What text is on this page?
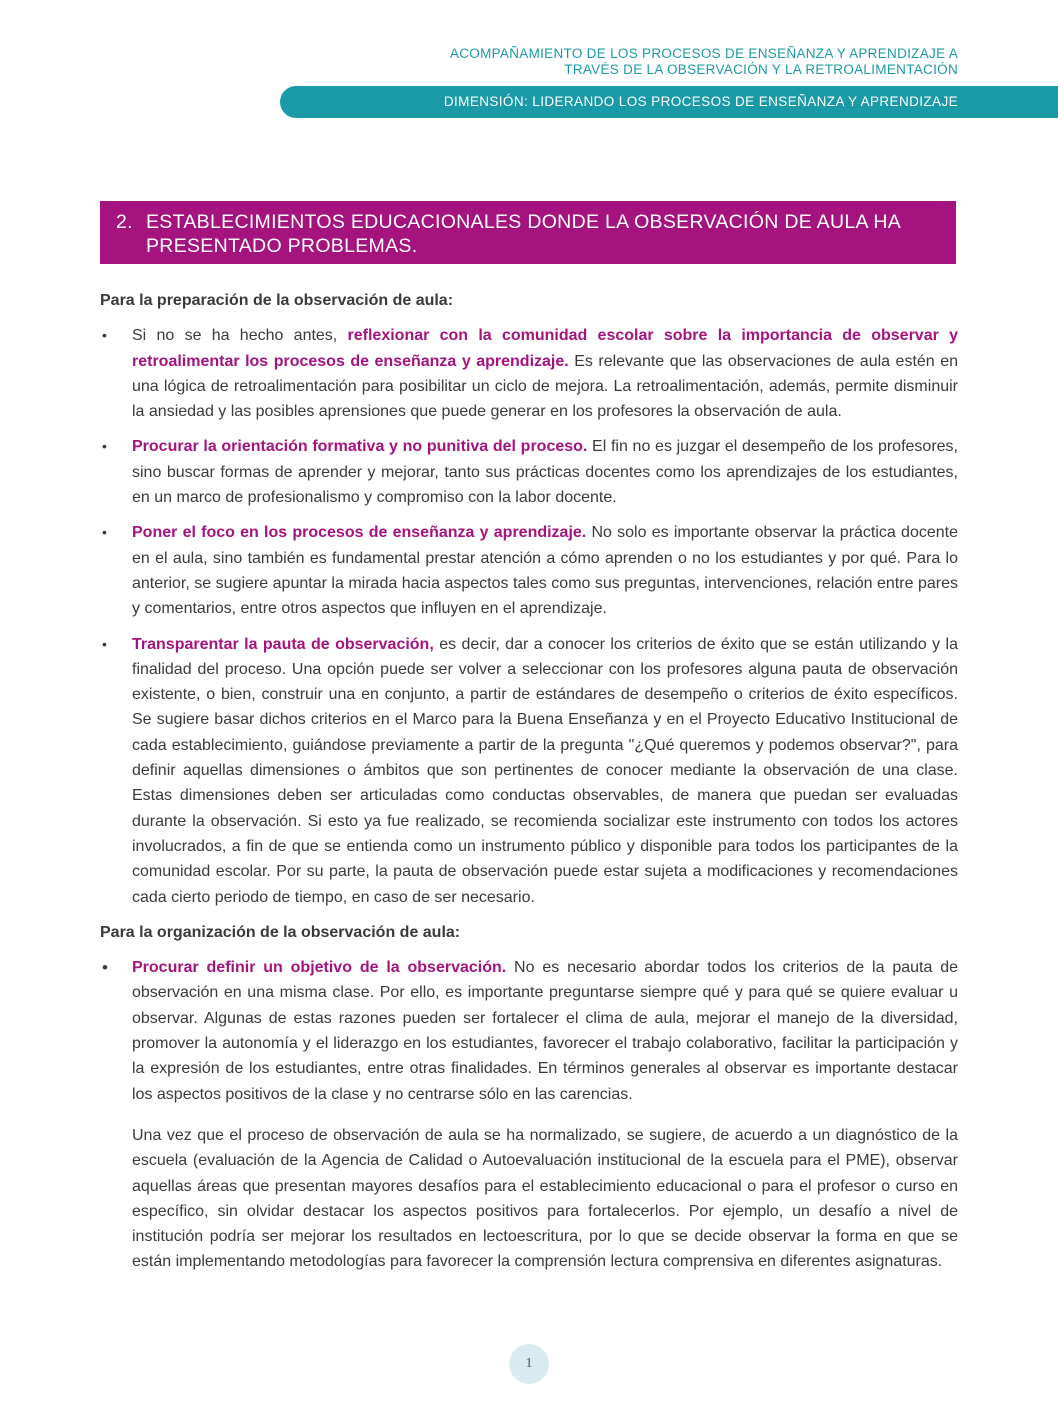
ACOMPAÑAMIENTO DE LOS PROCESOS DE ENSEÑANZA Y APRENDIZAJE A
TRAVÉS DE LA OBSERVACIÓN Y LA RETROALIMENTACIÓN
DIMENSIÓN: LIDERANDO LOS PROCESOS DE ENSEÑANZA Y APRENDIZAJE
2. ESTABLECIMIENTOS EDUCACIONALES DONDE LA OBSERVACIÓN DE AULA HA PRESENTADO PROBLEMAS.
Para la preparación de la observación de aula:
• Si no se ha hecho antes, reflexionar con la comunidad escolar sobre la importancia de observar y retroalimentar los procesos de enseñanza y aprendizaje. Es relevante que las observaciones de aula estén en una lógica de retroalimentación para posibilitar un ciclo de mejora. La retroalimentación, además, permite disminuir la ansiedad y las posibles aprensiones que puede generar en los profesores la observación de aula.
• Procurar la orientación formativa y no punitiva del proceso. El fin no es juzgar el desempeño de los profesores, sino buscar formas de aprender y mejorar, tanto sus prácticas docentes como los aprendizajes de los estudiantes, en un marco de profesionalismo y compromiso con la labor docente.
• Poner el foco en los procesos de enseñanza y aprendizaje. No solo es importante observar la práctica docente en el aula, sino también es fundamental prestar atención a cómo aprenden o no los estudiantes y por qué. Para lo anterior, se sugiere apuntar la mirada hacia aspectos tales como sus preguntas, intervenciones, relación entre pares y comentarios, entre otros aspectos que influyen en el aprendizaje.
• Transparentar la pauta de observación, es decir, dar a conocer los criterios de éxito que se están utilizando y la finalidad del proceso. Una opción puede ser volver a seleccionar con los profesores alguna pauta de observación existente, o bien, construir una en conjunto, a partir de estándares de desempeño o criterios de éxito específicos. Se sugiere basar dichos criterios en el Marco para la Buena Enseñanza y en el Proyecto Educativo Institucional de cada establecimiento, guiándose previamente a partir de la pregunta "¿Qué queremos y podemos observar?", para definir aquellas dimensiones o ámbitos que son pertinentes de conocer mediante la observación de una clase. Estas dimensiones deben ser articuladas como conductas observables, de manera que puedan ser evaluadas durante la observación. Si esto ya fue realizado, se recomienda socializar este instrumento con todos los actores involucrados, a fin de que se entienda como un instrumento público y disponible para todos los participantes de la comunidad escolar. Por su parte, la pauta de observación puede estar sujeta a modificaciones y recomendaciones cada cierto periodo de tiempo, en caso de ser necesario.
Para la organización de la observación de aula:
• Procurar definir un objetivo de la observación. No es necesario abordar todos los criterios de la pauta de observación en una misma clase. Por ello, es importante preguntarse siempre qué y para qué se quiere evaluar u observar. Algunas de estas razones pueden ser fortalecer el clima de aula, mejorar el manejo de la diversidad, promover la autonomía y el liderazgo en los estudiantes, favorecer el trabajo colaborativo, facilitar la participación y la expresión de los estudiantes, entre otras finalidades. En términos generales al observar es importante destacar los aspectos positivos de la clase y no centrarse sólo en las carencias.
Una vez que el proceso de observación de aula se ha normalizado, se sugiere, de acuerdo a un diagnóstico de la escuela (evaluación de la Agencia de Calidad o Autoevaluación institucional de la escuela para el PME), observar aquellas áreas que presentan mayores desafíos para el establecimiento educacional o para el profesor o curso en específico, sin olvidar destacar los aspectos positivos para fortalecerlos. Por ejemplo, un desafío a nivel de institución podría ser mejorar los resultados en lectoescritura, por lo que se decide observar la forma en que se están implementando metodologías para favorecer la comprensión lectura comprensiva en diferentes asignaturas.
1
